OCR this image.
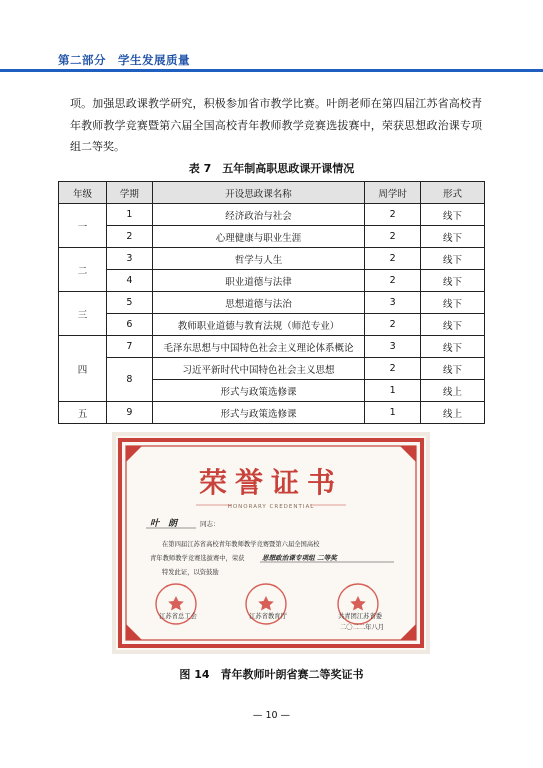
第二部分　学生发展质量

项。加强思政课教学研究，积极参加省市教学比赛。叶朗老师在第四届江苏省高校青年教师教学竞赛暨第六届全国高校青年教师教学竞赛选拔赛中，荣获思想政治课专项组二等奖。

表 7　五年制高职思政课开课情况
年级	学期	开设思政课名称	周学时	形式
一	1	经济政治与社会	2	线下
	2	心理健康与职业生涯	2	线下
二	3	哲学与人生	2	线下
	4	职业道德与法律	2	线下
三	5	思想道德与法治	3	线下
	6	教师职业道德与教育法规（师范专业）	2	线下
四	7	毛泽东思想与中国特色社会主义理论体系概论	3	线下
	8	习近平新时代中国特色社会主义思想	2	线下
		形式与政策选修课	1	线上
五	9	形式与政策选修课	1	线上
荣誉证书
HONORARY CREDENTIAL
叶　朗	同志：
在第四届江苏省高校青年教师教学竞赛暨第六届全国高校
青年教师教学竞赛选拔赛中，荣获	思想政治课专项组 二等奖
特发此证，以资鼓励
江苏省总工会	江苏省教育厅	共青团江苏省委
二〇二二年八月
图 14　青年教师叶朗省赛二等奖证书
— 10 —
